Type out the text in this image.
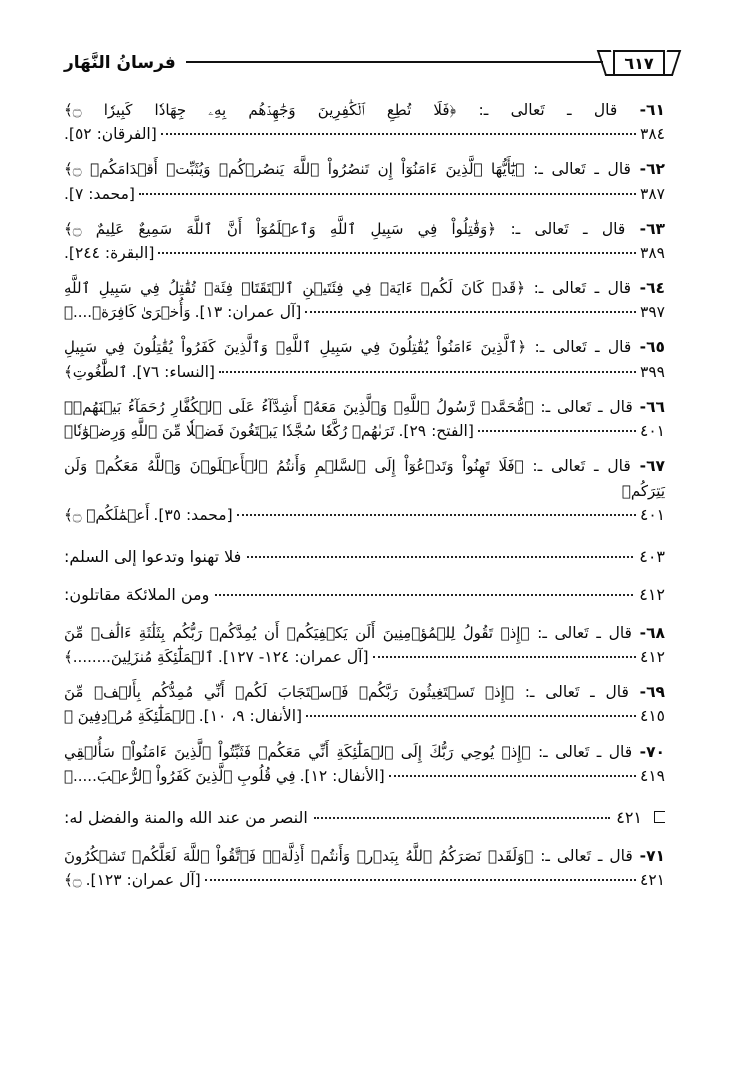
فرسانُ النَّهَار	٦١٧
٦١- قال ـ تَعالى ـ: ﴿فَلَا تُطِعِ ٱلۡكَٰفِرِينَ وَجَٰهِدۡهُم بِهِۦ جِهَادٗا كَبِيرٗا ۝﴾
[الفرقان: ٥٢].	٣٨٤
٦٢- قال ـ تَعالى ـ: ﴿يَٰٓأَيُّهَا ٱلَّذِينَ ءَامَنُوٓاْ إِن تَنصُرُواْ ٱللَّهَ يَنصُرۡكُمۡ وَيُثَبِّتۡ أَقۡدَامَكُمۡ ۝﴾
[محمد: ٧].	٣٨٧
٦٣- قال ـ تَعالى ـ: ﴿وَقَٰتِلُواْ فِي سَبِيلِ ٱللَّهِ وَٱعۡلَمُوٓاْ أَنَّ ٱللَّهَ سَمِيعٌ عَلِيمٌ ۝﴾
[البقرة: ٢٤٤].	٣٨٩
٦٤- قال ـ تَعالى ـ: ﴿قَدۡ كَانَ لَكُمۡ ءَايَةٞ فِي فِئَتَيۡنِ ٱلۡتَقَتَاۖ فِئَةٞ تُقَٰتِلُ فِي سَبِيلِ ٱللَّهِ
وَأُخۡرَىٰ كَافِرَةٞ....﴾ [آل عمران: ١٣].	٣٩٧
٦٥- قال ـ تَعالى ـ: ﴿ٱلَّذِينَ ءَامَنُواْ يُقَٰتِلُونَ فِي سَبِيلِ ٱللَّهِۖ وَٱلَّذِينَ كَفَرُواْ يُقَٰتِلُونَ فِي سَبِيلِ
ٱلطَّٰغُوتِ﴾ [النساء: ٧٦].	٣٩٩
٦٦- قال ـ تَعالى ـ: ﴿مُّحَمَّدٞ رَّسُولُ ٱللَّهِۚ وَٱلَّذِينَ مَعَهُۥٓ أَشِدَّآءُ عَلَى ٱلۡكُفَّارِ رُحَمَآءُ بَيۡنَهُمۡۖ
تَرَىٰهُمۡ رُكَّعٗا سُجَّدٗا يَبۡتَغُونَ فَضۡلٗا مِّنَ ٱللَّهِ وَرِضۡوَٰنٗا﴾ [الفتح: ٢٩].	٤٠١
٦٧- قال ـ تَعالى ـ: ﴿فَلَا تَهِنُواْ وَتَدۡعُوٓاْ إِلَى ٱلسَّلۡمِ وَأَنتُمُ ٱلۡأَعۡلَوۡنَ وَٱللَّهُ مَعَكُمۡ وَلَن يَتِرَكُمۡ
أَعۡمَٰلَكُمۡ ۝﴾ [محمد: ٣٥].	٤٠١
فلا تهنوا وتدعوا إلى السلم:	٤٠٣
ومن الملائكة مقاتلون:	٤١٢
٦٨- قال ـ تَعالى ـ: ﴿إِذۡ تَقُولُ لِلۡمُؤۡمِنِينَ أَلَن يَكۡفِيَكُمۡ أَن يُمِدَّكُمۡ رَبُّكُم بِثَلَٰثَةِ ءَالَٰفٖ مِّنَ
ٱلۡمَلَٰٓئِكَةِ مُنزَلِينَ........﴾ [آل عمران: ١٢٤- ١٢٧].	٤١٢
٦٩- قال ـ تَعالى ـ: ﴿إِذۡ تَسۡتَغِيثُونَ رَبَّكُمۡ فَٱسۡتَجَابَ لَكُمۡ أَنِّي مُمِدُّكُم بِأَلۡفٖ مِّنَ
ٱلۡمَلَٰٓئِكَةِ مُرۡدِفِينَ ﴾ [الأنفال: ٩، ١٠].	٤١٥
٧٠- قال ـ تَعالى ـ: ﴿إِذۡ يُوحِي رَبُّكَ إِلَى ٱلۡمَلَٰٓئِكَةِ أَنِّي مَعَكُمۡ فَثَبِّتُواْ ٱلَّذِينَ ءَامَنُواْۚ سَأُلۡقِي
فِي قُلُوبِ ٱلَّذِينَ كَفَرُواْ ٱلرُّعۡبَ.....﴾ [الأنفال: ١٢].	٤١٩
النصر من عند الله والمنة والفضل له:	٤٢١
٧١- قال ـ تَعالى ـ: ﴿وَلَقَدۡ نَصَرَكُمُ ٱللَّهُ بِبَدۡرٖ وَأَنتُمۡ أَذِلَّةٞۖ فَٱتَّقُواْ ٱللَّهَ لَعَلَّكُمۡ تَشۡكُرُونَ
۝﴾ [آل عمران: ١٢٣].	٤٢١
